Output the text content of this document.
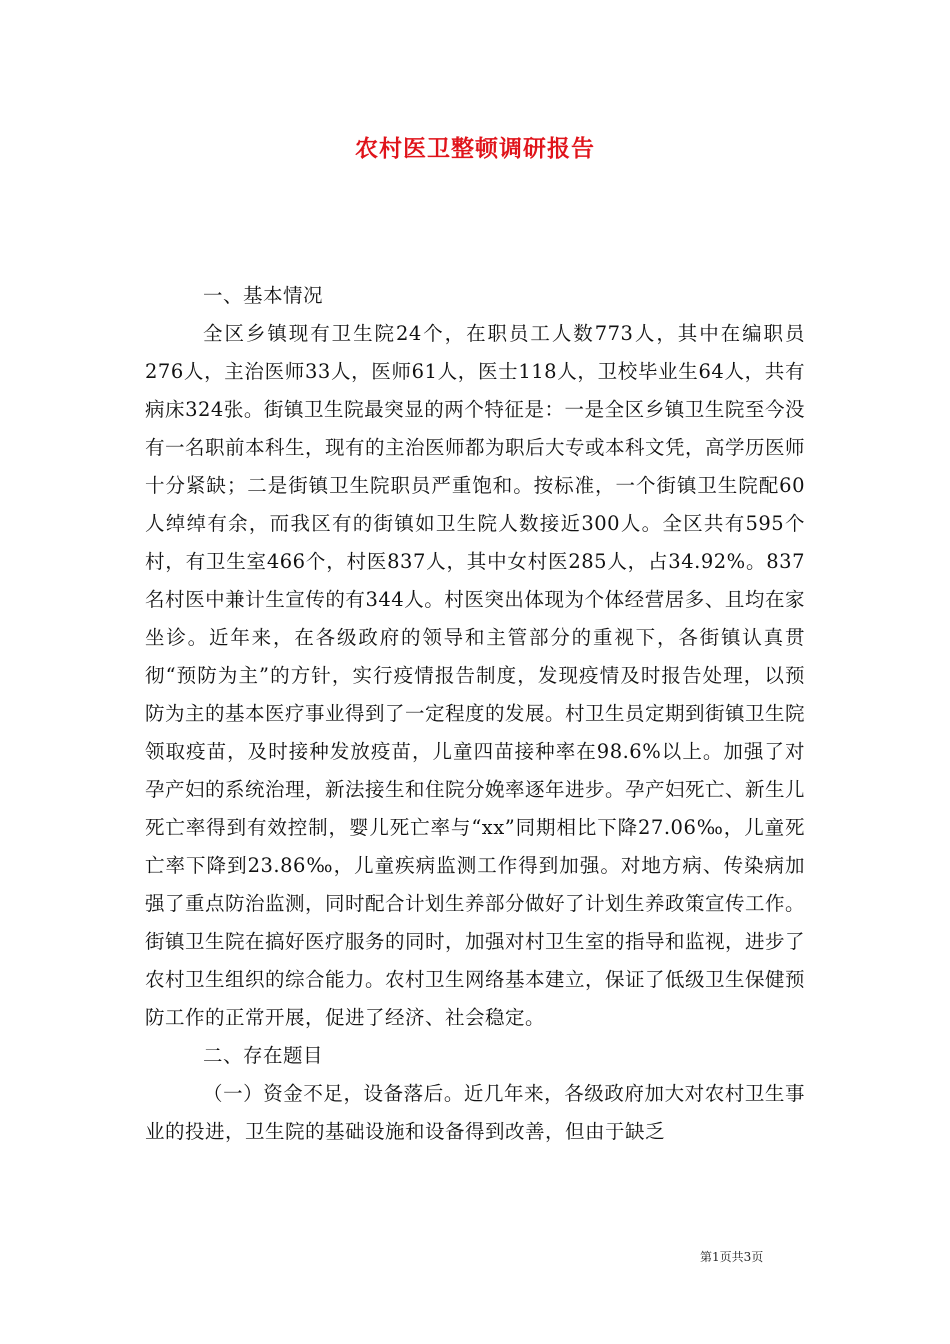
农村医卫整顿调研报告

一、基本情况

全区乡镇现有卫生院24个，在职员工人数773人，其中在编职员276人，主治医师33人，医师61人，医士118人，卫校毕业生64人，共有病床324张。街镇卫生院最突显的两个特征是：一是全区乡镇卫生院至今没有一名职前本科生，现有的主治医师都为职后大专或本科文凭，高学历医师十分紧缺；二是街镇卫生院职员严重饱和。按标准，一个街镇卫生院配60人绰绰有余，而我区有的街镇如卫生院人数接近300人。全区共有595个村，有卫生室466个，村医837人，其中女村医285人，占34.92%。837名村医中兼计生宣传的有344人。村医突出体现为个体经营居多、且均在家坐诊。近年来，在各级政府的领导和主管部分的重视下，各街镇认真贯彻“预防为主”的方针，实行疫情报告制度，发现疫情及时报告处理，以预防为主的基本医疗事业得到了一定程度的发展。村卫生员定期到街镇卫生院领取疫苗，及时接种发放疫苗，儿童四苗接种率在98.6%以上。加强了对孕产妇的系统治理，新法接生和住院分娩率逐年进步。孕产妇死亡、新生儿死亡率得到有效控制，婴儿死亡率与“xx”同期相比下降27.06‰，儿童死亡率下降到23.86‰，儿童疾病监测工作得到加强。对地方病、传染病加强了重点防治监测，同时配合计划生养部分做好了计划生养政策宣传工作。街镇卫生院在搞好医疗服务的同时，加强对村卫生室的指导和监视，进步了农村卫生组织的综合能力。农村卫生网络基本建立，保证了低级卫生保健预防工作的正常开展，促进了经济、社会稳定。

二、存在题目

（一）资金不足，设备落后。近几年来，各级政府加大对农村卫生事业的投进，卫生院的基础设施和设备得到改善，但由于缺乏

第1页共3页
